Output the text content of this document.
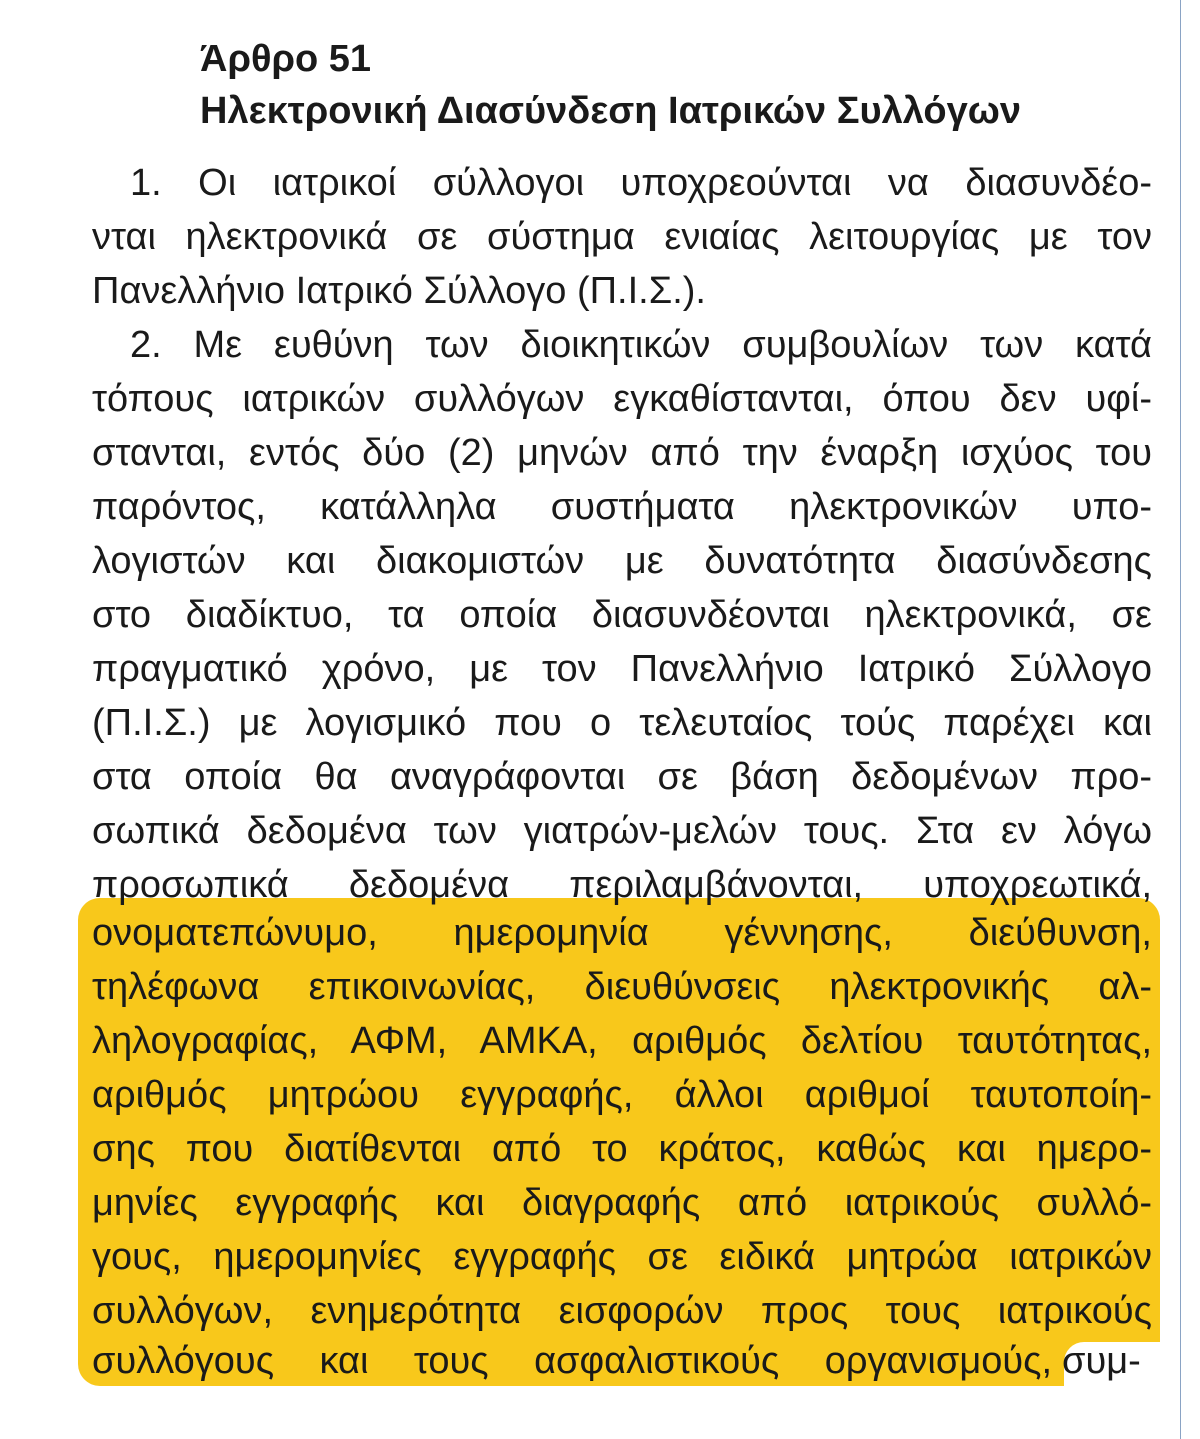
Άρθρο 51
Ηλεκτρονική Διασύνδεση Ιατρικών Συλλόγων
1. Οι ιατρικοί σύλλογοι υποχρεούνται να διασυνδέο-
νται ηλεκτρονικά σε σύστημα ενιαίας λειτουργίας με τον
Πανελλήνιο Ιατρικό Σύλλογο (Π.Ι.Σ.).
2. Με ευθύνη των διοικητικών συμβουλίων των κατά
τόπους ιατρικών συλλόγων εγκαθίστανται, όπου δεν υφί-
στανται, εντός δύο (2) μηνών από την έναρξη ισχύος του
παρόντος, κατάλληλα συστήματα ηλεκτρονικών υπο-
λογιστών και διακομιστών με δυνατότητα διασύνδεσης
στο διαδίκτυο, τα οποία διασυνδέονται ηλεκτρονικά, σε
πραγματικό χρόνο, με τον Πανελλήνιο Ιατρικό Σύλλογο
(Π.Ι.Σ.) με λογισμικό που ο τελευταίος τούς παρέχει και
στα οποία θα αναγράφονται σε βάση δεδομένων προ-
σωπικά δεδομένα των γιατρών-μελών τους. Στα εν λόγω
προσωπικά δεδομένα περιλαμβάνονται, υποχρεωτικά,
ονοματεπώνυμο, ημερομηνία γέννησης, διεύθυνση,
τηλέφωνα επικοινωνίας, διευθύνσεις ηλεκτρονικής αλ-
ληλογραφίας, ΑΦΜ, ΑΜΚΑ, αριθμός δελτίου ταυτότητας,
αριθμός μητρώου εγγραφής, άλλοι αριθμοί ταυτοποίη-
σης που διατίθενται από το κράτος, καθώς και ημερο-
μηνίες εγγραφής και διαγραφής από ιατρικούς συλλό-
γους, ημερομηνίες εγγραφής σε ειδικά μητρώα ιατρικών
συλλόγων, ενημερότητα εισφορών προς τους ιατρικούς
συλλόγους και τους ασφαλιστικούς οργανισμούς, συμ-
